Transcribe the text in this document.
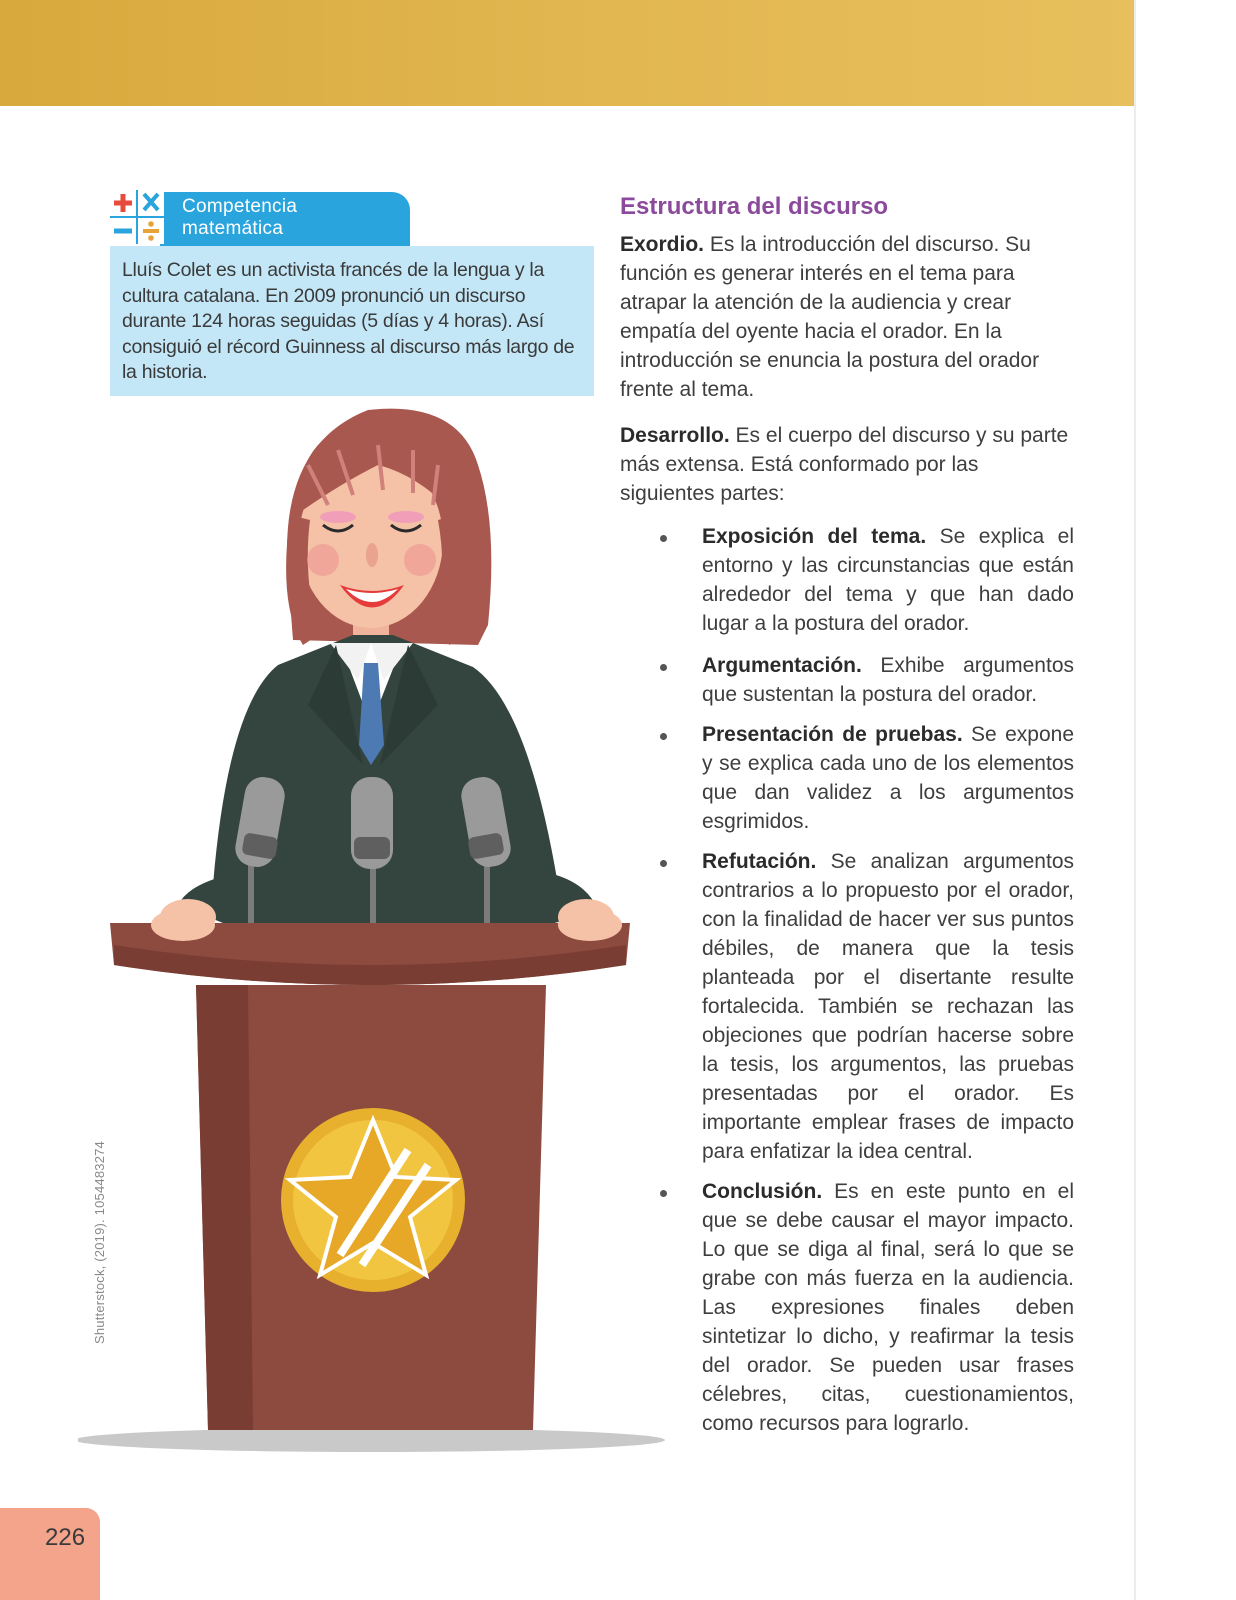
Competencia
matemática

Lluís Colet es un activista francés de la lengua y la cultura catalana. En 2009 pronunció un discurso durante 124 horas seguidas (5 días y 4 horas). Así consiguió el récord Guinness al discurso más largo de la historia.

Shutterstock, (2019). 1054483274
Estructura del discurso

Exordio. Es la introducción del discurso. Su función es generar interés en el tema para atrapar la atención de la audiencia y crear empatía del oyente hacia el orador. En la introducción se enuncia la postura del orador frente al tema.

Desarrollo. Es el cuerpo del discurso y su parte más extensa. Está conformado por las siguientes partes:

Exposición del tema. Se explica el entorno y las circunstancias que están alrededor del tema y que han dado lugar a la postura del orador.

Argumentación. Exhibe argumentos que sustentan la postura del orador.

Presentación de pruebas. Se expone y se explica cada uno de los elementos que dan validez a los argumentos esgrimidos.

Refutación. Se analizan argumentos contrarios a lo propuesto por el orador, con la finalidad de hacer ver sus puntos débiles, de manera que la tesis planteada por el disertante resulte fortalecida. También se rechazan las objeciones que podrían hacerse sobre la tesis, los argumentos, las pruebas presentadas por el orador. Es importante emplear frases de impacto para enfatizar la idea central.

Conclusión. Es en este punto en el que se debe causar el mayor impacto. Lo que se diga al final, será lo que se grabe con más fuerza en la audiencia. Las expresiones finales deben sintetizar lo dicho, y reafirmar la tesis del orador. Se pueden usar frases célebres, citas, cuestionamientos, como recursos para lograrlo.

226
